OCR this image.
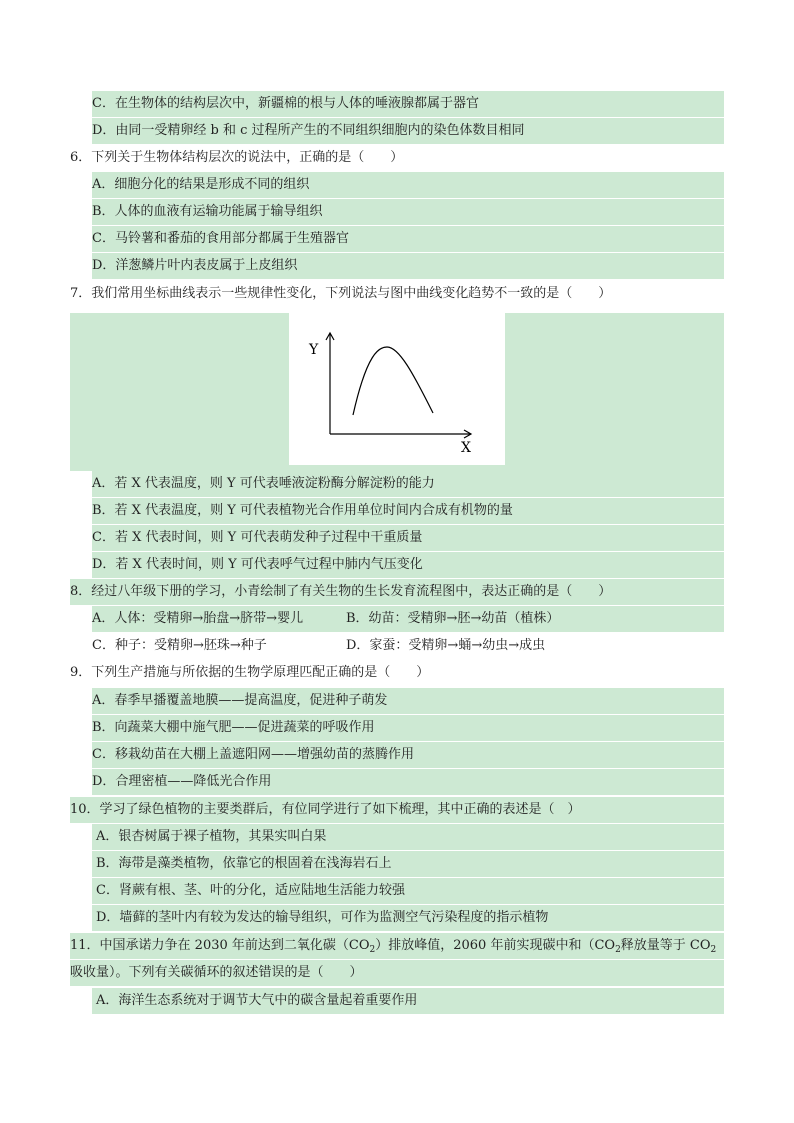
C．在生物体的结构层次中，新疆棉的根与人体的唾液腺都属于器官
D．由同一受精卵经 b 和 c 过程所产生的不同组织细胞内的染色体数目相同
6．下列关于生物体结构层次的说法中，正确的是（　　）
A．细胞分化的结果是形成不同的组织
B．人体的血液有运输功能属于输导组织
C．马铃薯和番茄的食用部分都属于生殖器官
D．洋葱鳞片叶内表皮属于上皮组织
7．我们常用坐标曲线表示一些规律性变化，下列说法与图中曲线变化趋势不一致的是（　　）
Y
X
A．若 X 代表温度，则 Y 可代表唾液淀粉酶分解淀粉的能力
B．若 X 代表温度，则 Y 可代表植物光合作用单位时间内合成有机物的量
C．若 X 代表时间，则 Y 可代表萌发种子过程中干重质量
D．若 X 代表时间，则 Y 可代表呼气过程中肺内气压变化
8．经过八年级下册的学习，小青绘制了有关生物的生长发育流程图中，表达正确的是（　　）
A．人体：受精卵→胎盘→脐带→婴儿	B．幼苗：受精卵→胚→幼苗（植株）
C．种子：受精卵→胚珠→种子	D．家蚕：受精卵→蛹→幼虫→成虫
9．下列生产措施与所依据的生物学原理匹配正确的是（　　）
A．春季早播覆盖地膜——提高温度，促进种子萌发
B．向蔬菜大棚中施气肥——促进蔬菜的呼吸作用
C．移栽幼苗在大棚上盖遮阳网——增强幼苗的蒸腾作用
D．合理密植——降低光合作用
10．学习了绿色植物的主要类群后，有位同学进行了如下梳理，其中正确的表述是（　）
A．银杏树属于裸子植物，其果实叫白果
B．海带是藻类植物，依靠它的根固着在浅海岩石上
C．肾蕨有根、茎、叶的分化，适应陆地生活能力较强
D．墙藓的茎叶内有较为发达的输导组织，可作为监测空气污染程度的指示植物
11．中国承诺力争在 2030 年前达到二氧化碳$(CO_2)$排放峰值，2060 年前实现碳中和（$CO_2$释放量等于 $CO_2$
吸收量）。下列有关碳循环的叙述错误的是（　　）
A．海洋生态系统对于调节大气中的碳含量起着重要作用
